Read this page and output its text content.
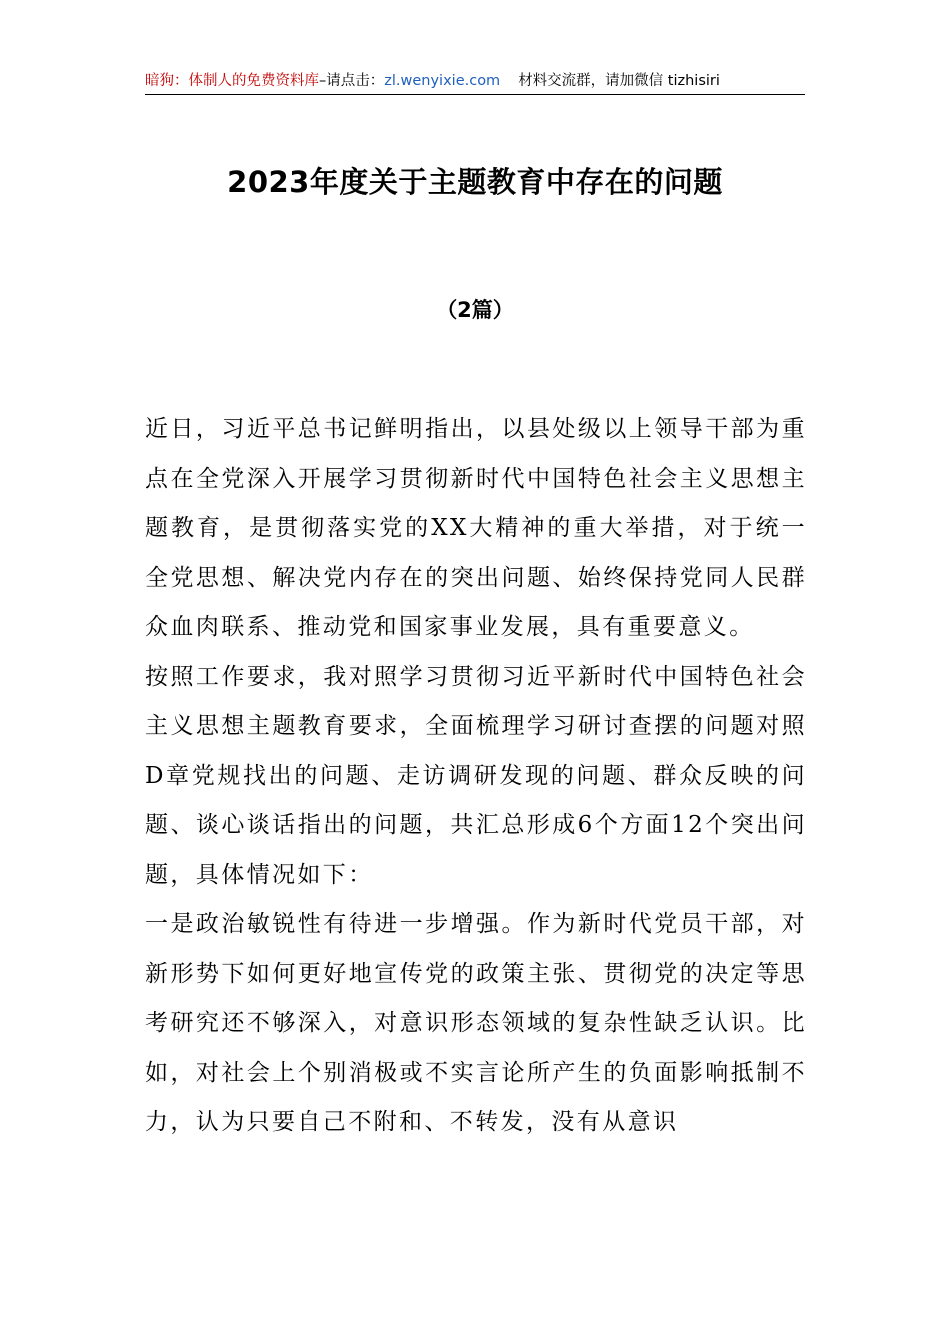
暗狗：体制人的免费资料库–请点击：zl.wenyixie.com 材料交流群，请加微信 tizhisiri
2023年度关于主题教育中存在的问题
（2篇）

近日，习近平总书记鲜明指出，以县处级以上领导干部为重点在全党深入开展学习贯彻新时代中国特色社会主义思想主题教育，是贯彻落实党的XX大精神的重大举措，对于统一全党思想、解决党内存在的突出问题、始终保持党同人民群众血肉联系、推动党和国家事业发展，具有重要意义。

按照工作要求，我对照学习贯彻习近平新时代中国特色社会主义思想主题教育要求，全面梳理学习研讨查摆的问题对照D章党规找出的问题、走访调研发现的问题、群众反映的问题、谈心谈话指出的问题，共汇总形成6个方面12个突出问题，具体情况如下：

一是政治敏锐性有待进一步增强。作为新时代党员干部，对新形势下如何更好地宣传党的政策主张、贯彻党的决定等思考研究还不够深入，对意识形态领域的复杂性缺乏认识。比如，对社会上个别消极或不实言论所产生的负面影响抵制不力，认为只要自己不附和、不转发，没有从意识
